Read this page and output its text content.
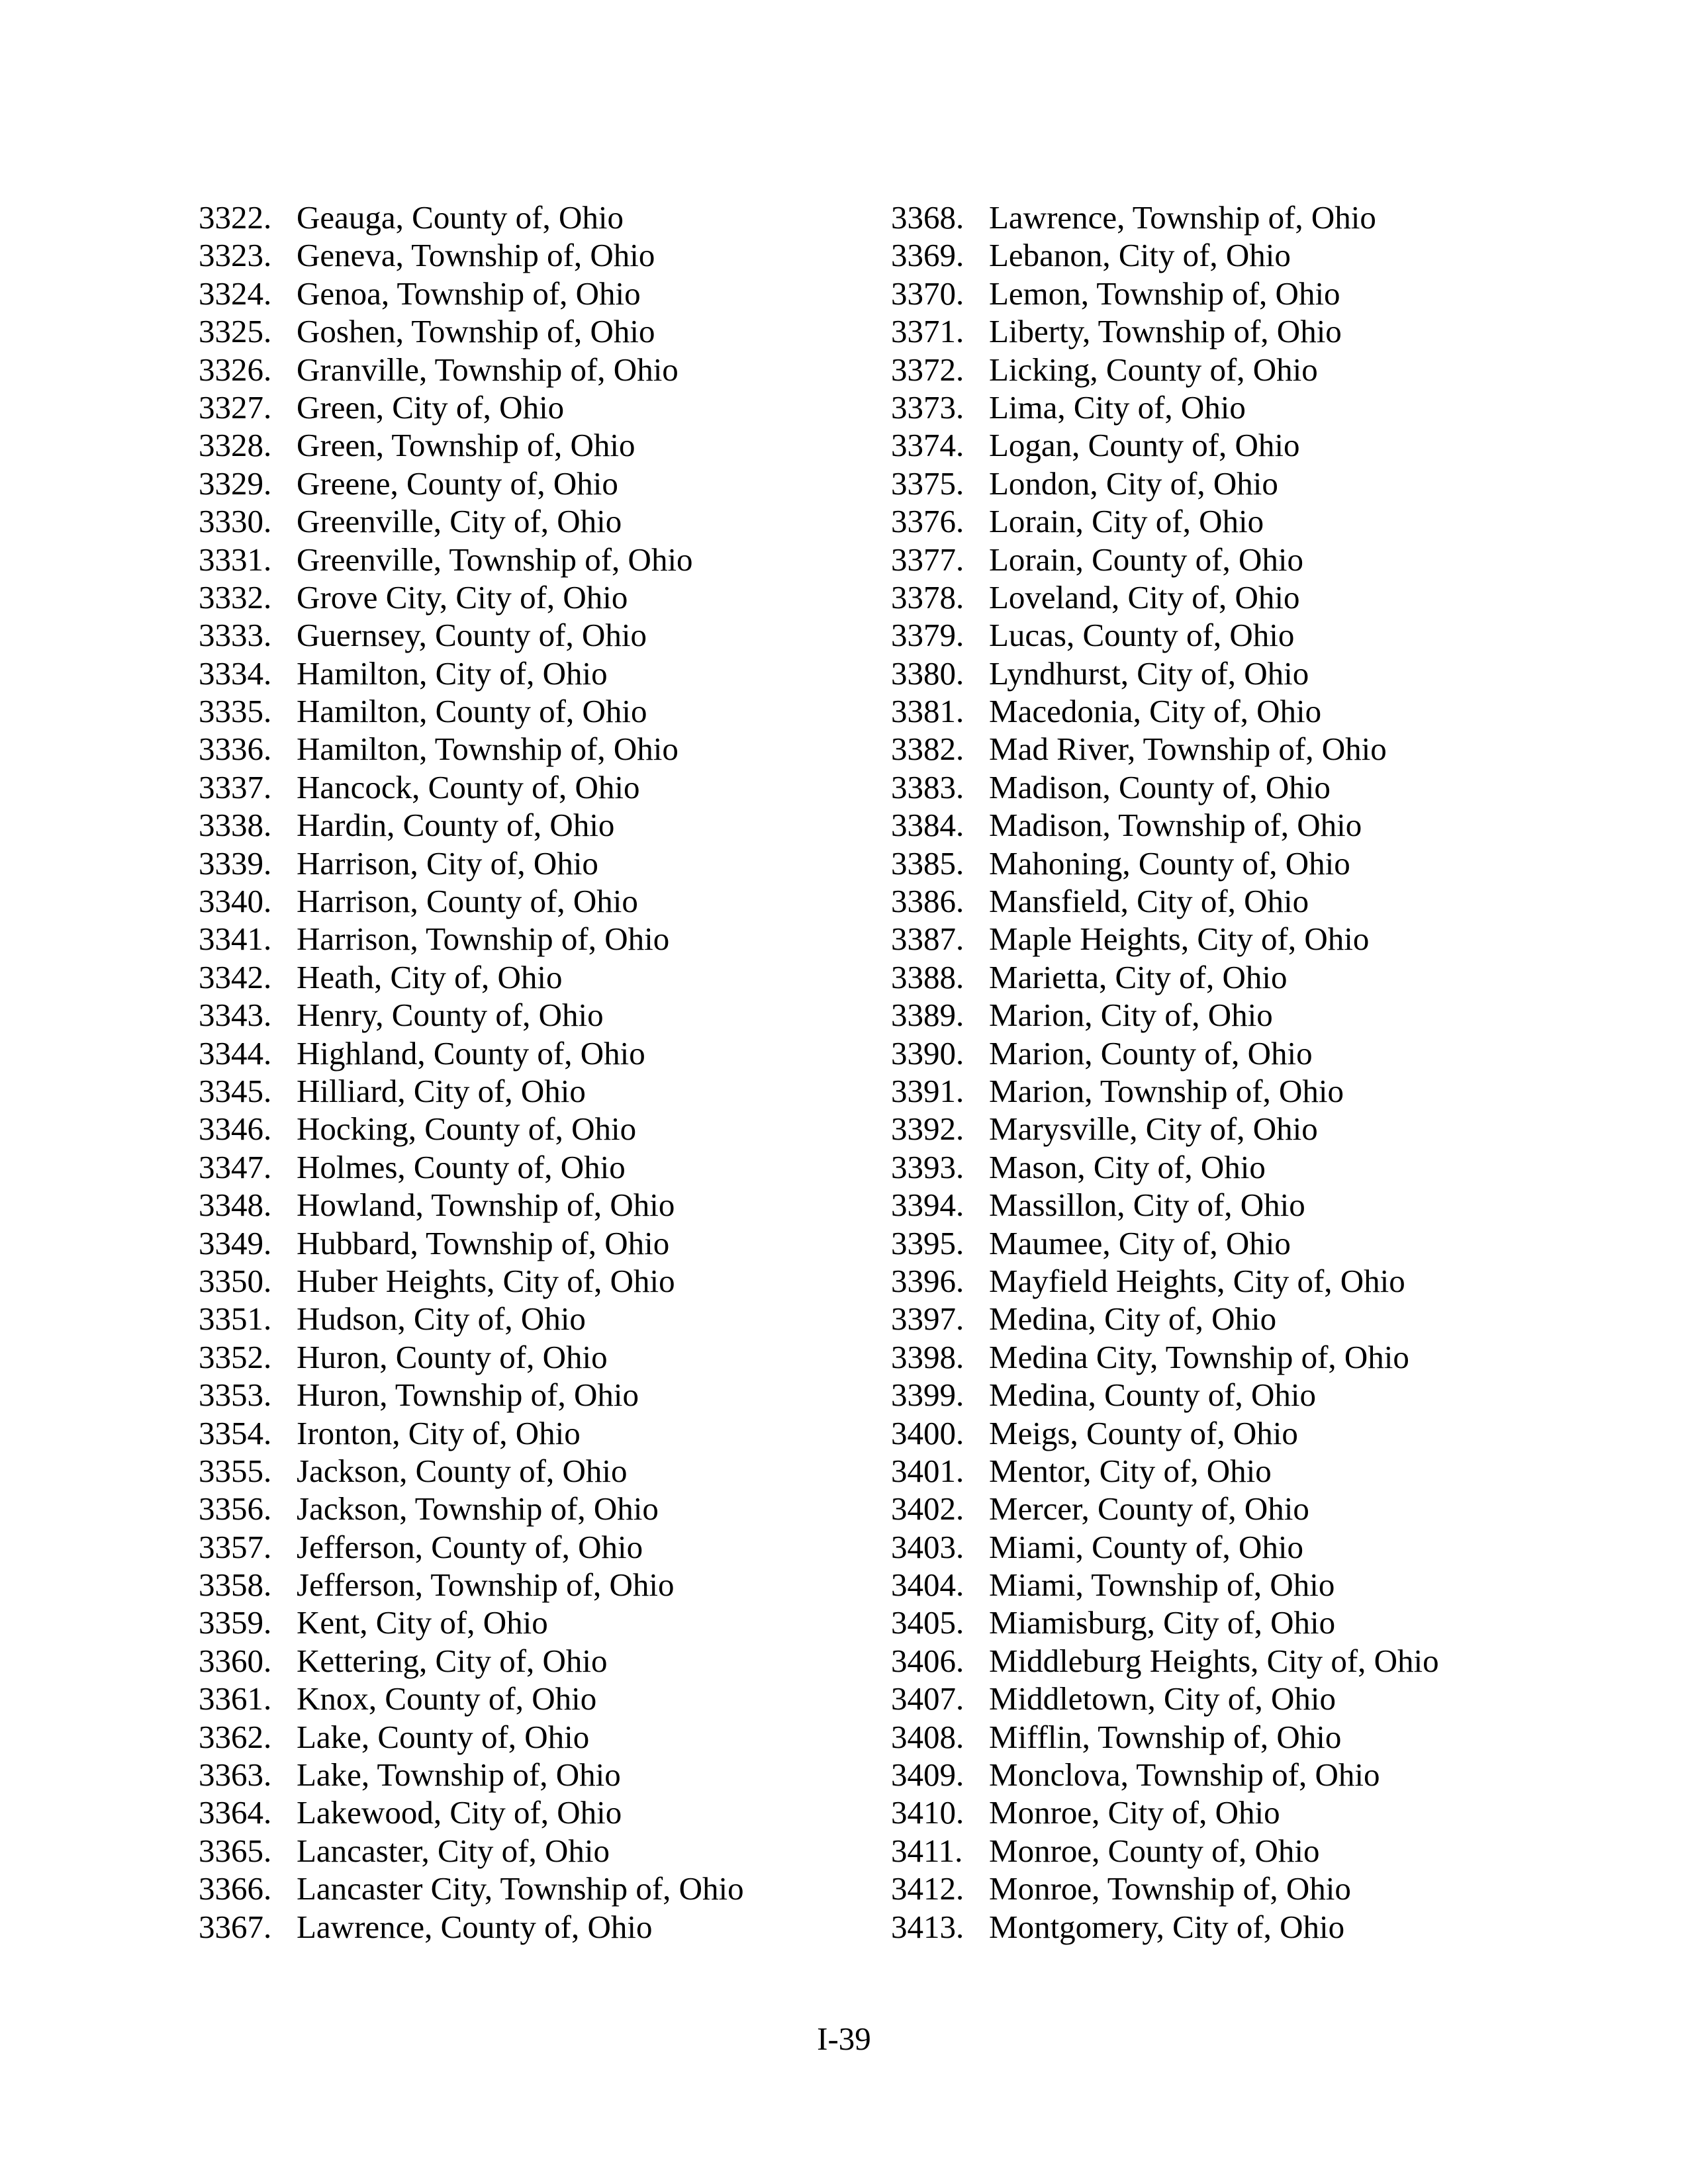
3322. Geauga, County of, Ohio
3323. Geneva, Township of, Ohio
3324. Genoa, Township of, Ohio
3325. Goshen, Township of, Ohio
3326. Granville, Township of, Ohio
3327. Green, City of, Ohio
3328. Green, Township of, Ohio
3329. Greene, County of, Ohio
3330. Greenville, City of, Ohio
3331. Greenville, Township of, Ohio
3332. Grove City, City of, Ohio
3333. Guernsey, County of, Ohio
3334. Hamilton, City of, Ohio
3335. Hamilton, County of, Ohio
3336. Hamilton, Township of, Ohio
3337. Hancock, County of, Ohio
3338. Hardin, County of, Ohio
3339. Harrison, City of, Ohio
3340. Harrison, County of, Ohio
3341. Harrison, Township of, Ohio
3342. Heath, City of, Ohio
3343. Henry, County of, Ohio
3344. Highland, County of, Ohio
3345. Hilliard, City of, Ohio
3346. Hocking, County of, Ohio
3347. Holmes, County of, Ohio
3348. Howland, Township of, Ohio
3349. Hubbard, Township of, Ohio
3350. Huber Heights, City of, Ohio
3351. Hudson, City of, Ohio
3352. Huron, County of, Ohio
3353. Huron, Township of, Ohio
3354. Ironton, City of, Ohio
3355. Jackson, County of, Ohio
3356. Jackson, Township of, Ohio
3357. Jefferson, County of, Ohio
3358. Jefferson, Township of, Ohio
3359. Kent, City of, Ohio
3360. Kettering, City of, Ohio
3361. Knox, County of, Ohio
3362. Lake, County of, Ohio
3363. Lake, Township of, Ohio
3364. Lakewood, City of, Ohio
3365. Lancaster, City of, Ohio
3366. Lancaster City, Township of, Ohio
3367. Lawrence, County of, Ohio
3368. Lawrence, Township of, Ohio
3369. Lebanon, City of, Ohio
3370. Lemon, Township of, Ohio
3371. Liberty, Township of, Ohio
3372. Licking, County of, Ohio
3373. Lima, City of, Ohio
3374. Logan, County of, Ohio
3375. London, City of, Ohio
3376. Lorain, City of, Ohio
3377. Lorain, County of, Ohio
3378. Loveland, City of, Ohio
3379. Lucas, County of, Ohio
3380. Lyndhurst, City of, Ohio
3381. Macedonia, City of, Ohio
3382. Mad River, Township of, Ohio
3383. Madison, County of, Ohio
3384. Madison, Township of, Ohio
3385. Mahoning, County of, Ohio
3386. Mansfield, City of, Ohio
3387. Maple Heights, City of, Ohio
3388. Marietta, City of, Ohio
3389. Marion, City of, Ohio
3390. Marion, County of, Ohio
3391. Marion, Township of, Ohio
3392. Marysville, City of, Ohio
3393. Mason, City of, Ohio
3394. Massillon, City of, Ohio
3395. Maumee, City of, Ohio
3396. Mayfield Heights, City of, Ohio
3397. Medina, City of, Ohio
3398. Medina City, Township of, Ohio
3399. Medina, County of, Ohio
3400. Meigs, County of, Ohio
3401. Mentor, City of, Ohio
3402. Mercer, County of, Ohio
3403. Miami, County of, Ohio
3404. Miami, Township of, Ohio
3405. Miamisburg, City of, Ohio
3406. Middleburg Heights, City of, Ohio
3407. Middletown, City of, Ohio
3408. Mifflin, Township of, Ohio
3409. Monclova, Township of, Ohio
3410. Monroe, City of, Ohio
3411. Monroe, County of, Ohio
3412. Monroe, Township of, Ohio
3413. Montgomery, City of, Ohio
I-39
